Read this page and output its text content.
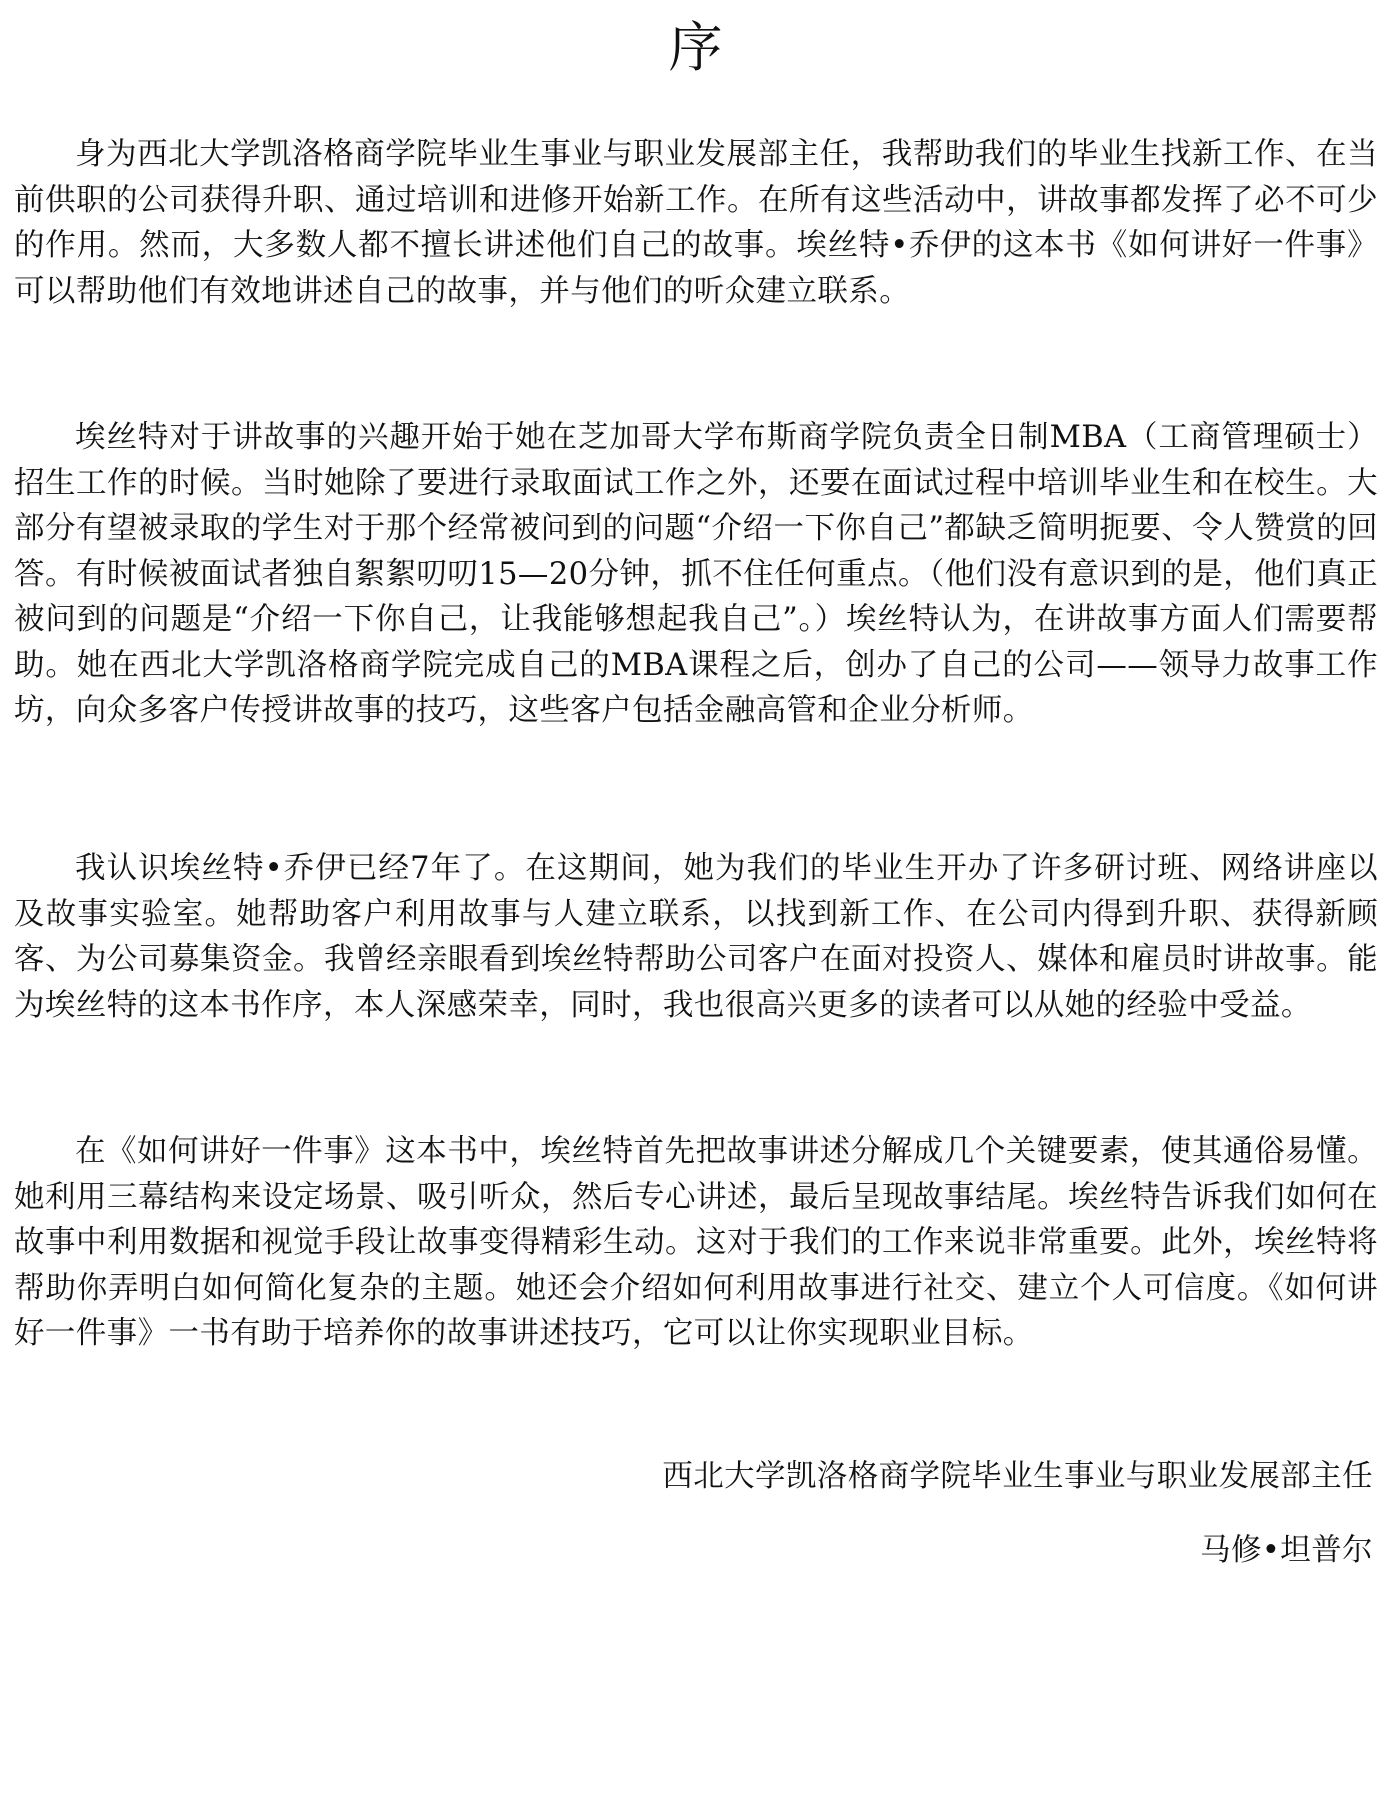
序

身为西北大学凯洛格商学院毕业生事业与职业发展部主任，我帮助我们的毕业生找新工作、在当前供职的公司获得升职、通过培训和进修开始新工作。在所有这些活动中，讲故事都发挥了必不可少的作用。然而，大多数人都不擅长讲述他们自己的故事。埃丝特•乔伊的这本书《如何讲好一件事》可以帮助他们有效地讲述自己的故事，并与他们的听众建立联系。

埃丝特对于讲故事的兴趣开始于她在芝加哥大学布斯商学院负责全日制MBA（工商管理硕士）招生工作的时候。当时她除了要进行录取面试工作之外，还要在面试过程中培训毕业生和在校生。大部分有望被录取的学生对于那个经常被问到的问题“介绍一下你自己”都缺乏简明扼要、令人赞赏的回答。有时候被面试者独自絮絮叨叨15—20分钟，抓不住任何重点。（他们没有意识到的是，他们真正被问到的问题是“介绍一下你自己，让我能够想起我自己”。）埃丝特认为，在讲故事方面人们需要帮助。她在西北大学凯洛格商学院完成自己的MBA课程之后，创办了自己的公司——领导力故事工作坊，向众多客户传授讲故事的技巧，这些客户包括金融高管和企业分析师。

我认识埃丝特•乔伊已经7年了。在这期间，她为我们的毕业生开办了许多研讨班、网络讲座以及故事实验室。她帮助客户利用故事与人建立联系，以找到新工作、在公司内得到升职、获得新顾客、为公司募集资金。我曾经亲眼看到埃丝特帮助公司客户在面对投资人、媒体和雇员时讲故事。能为埃丝特的这本书作序，本人深感荣幸，同时，我也很高兴更多的读者可以从她的经验中受益。

在《如何讲好一件事》这本书中，埃丝特首先把故事讲述分解成几个关键要素，使其通俗易懂。她利用三幕结构来设定场景、吸引听众，然后专心讲述，最后呈现故事结尾。埃丝特告诉我们如何在故事中利用数据和视觉手段让故事变得精彩生动。这对于我们的工作来说非常重要。此外，埃丝特将帮助你弄明白如何简化复杂的主题。她还会介绍如何利用故事进行社交、建立个人可信度。《如何讲好一件事》一书有助于培养你的故事讲述技巧，它可以让你实现职业目标。

西北大学凯洛格商学院毕业生事业与职业发展部主任

马修•坦普尔
